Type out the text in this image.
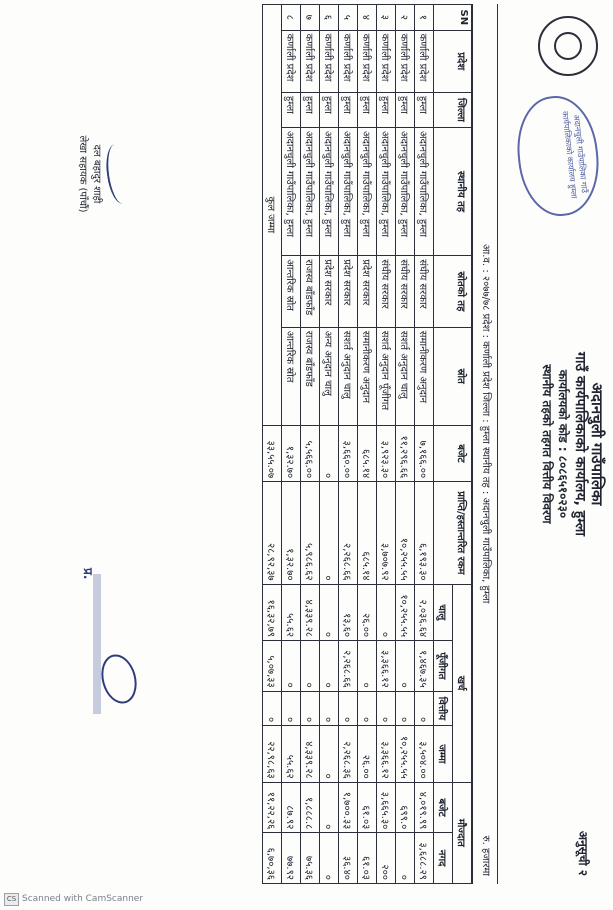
अदानचुली गाउँपालिका गाउँ कार्यपालिकाको कार्यालय हुम्ला
अनुसूची २
अदानचुली गाउँपालिका
गाउँ कार्यपालिकाको कार्यालय, हुम्ला
कार्यालयको कोड : ८०८६५१०२३०
स्थानीय तहको तहगत वित्तीय विवरण
आ.व. : २०७७/७८ प्रदेश : कर्णाली प्रदेश जिल्ला : हुम्ला स्थानीय तह : अदानचुली गाउँपालिका, हुम्ला
रु. हजारमा
SN	प्रदेश	जिल्ला	स्थानीय तह	स्रोतको तह	स्रोत	बजेट	प्राप्ति/हस्तान्तरित रकम	खर्च				मौज्दात	
								चालु	पूँजीगत	वित्तीय	जम्मा	बजेट	नगद
१	कर्णाली प्रदेश	हुम्ला	अदानचुली गाउँपालिका, हुम्ला	संघीय सरकार	समानीकरण अनुदान	७,१६६.००	६,१९३.३०	२,०३६.६४	१,४६७.३५	०	३,५०४.००	४,०१९.९९	३,६८८.२९
२	कर्णाली प्रदेश	हुम्ला	अदानचुली गाउँपालिका, हुम्ला	संघीय सरकार	सशर्त अनुदान चालु	११,२९६.६६	१०,२५५.५५	१०,२५५.५५	०	०	१०,२५५.५५	६९९.०	०
३	कर्णाली प्रदेश	हुम्ला	अदानचुली गाउँपालिका, हुम्ला	संघीय सरकार	सशर्त अनुदान पूँजीगत	३,९२३.३०	३,७०७.९२	०	३,३६६.१२	०	३,३६६.१२	३,६६५.३०	२००
४	कर्णाली प्रदेश	हुम्ला	अदानचुली गाउँपालिका, हुम्ला	प्रदेश सरकार	समानीकरण अनुदान	६८५.१४	६८५.१४	२६.००	०	०	२६.००	६१.०३	६१.०३
५	कर्णाली प्रदेश	हुम्ला	अदानचुली गाउँपालिका, हुम्ला	प्रदेश सरकार	सशर्त अनुदान चालु	३,६६०.००	२,२६८.६६	१३,६०	२,२६८.६६	०	२,२६८.३६	१,७००.३३	३६.४०
६	कर्णाली प्रदेश	हुम्ला	अदानचुली गाउँपालिका, हुम्ला	प्रदेश सरकार	अन्य अनुदान चालु	०	०	०	०	०	०	०	०
७	कर्णाली प्रदेश	हुम्ला	अदानचुली गाउँपालिका, हुम्ला	राजस्व बाँडफाँड	राजस्व बाँडफाँड	५,५६६.००	५,९८६.६२	४,३३९.२८	०	०	४,३३९.२८	१,८८८.८	७५.३६
८	कर्णाली प्रदेश	हुम्ला	अदानचुली गाउँपालिका, हुम्ला	आन्तरिक स्रोत	आन्तरिक स्रोत	१,३२.७०	१,३२.७०	५५.६२	०	०	५५.६२	८७.९२	७७.९२
कुल जम्मा						३३,५५.०७	२८,९२,३७	१६,३२,७९	५,०७,३३	०	२२,९८,६३	११,२२,२६	६,७०,३६
दल बहादुर शाही
लेखा सहायक (पाँचौं)
प्र.
CS Scanned with CamScanner
